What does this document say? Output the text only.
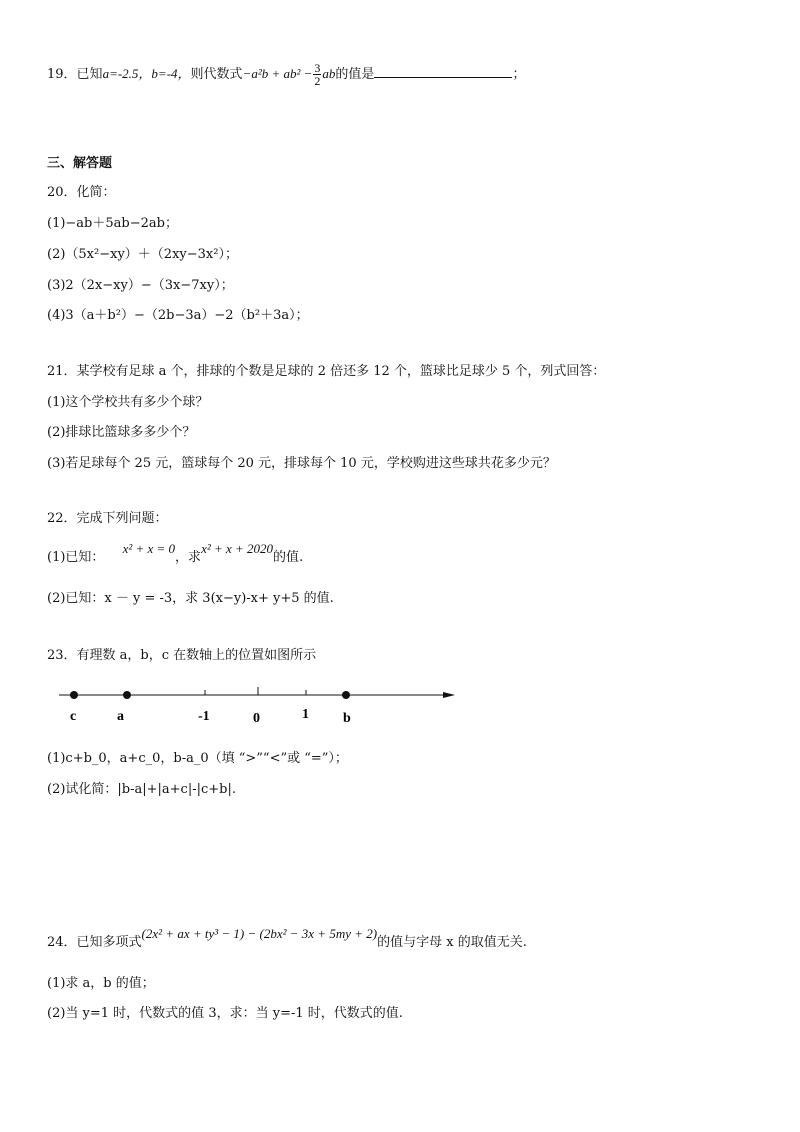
19．已知a=-2.5，b=-4，则代数式$-a^2b + ab^2 - \frac{3}{2}$ ab的值是	；
三、解答题
20．化简：
(1)−ab＋5ab−2ab；
(2)（5x²−xy）＋（2xy−3x²）；
(3)2（2x−xy）−（3x−7xy）；
(4)3（a＋b²）−（2b−3a）−2（b²＋3a）；
21．某学校有足球 a 个，排球的个数是足球的 2 倍还多 12 个，篮球比足球少 5 个，列式回答：
(1)这个学校共有多少个球？
(2)排球比篮球多多少个？
(3)若足球每个 25 元，篮球每个 20 元，排球每个 10 元，学校购进这些球共花多少元？
22．完成下列问题：
(1)已知： x² + x = 0，求x² + x + 2020的值.
(2)已知：x － y = -3，求 3(x−y)-x+ y+5 的值.
23．有理数 a，b，c 在数轴上的位置如图所示
c	a	-1	0	1 b
(1)c+b_0，a+c_0，b-a_0（填 “>”“<”或 “=”）；
(2)试化简：|b-a|+|a+c|-|c+b|.
24．已知多项式(2x² + ax + ty³ − 1) − (2bx² − 3x + 5my + 2)的值与字母 x 的取值无关.
(1)求 a，b 的值；
(2)当 y=1 时，代数式的值 3，求：当 y=-1 时，代数式的值.
